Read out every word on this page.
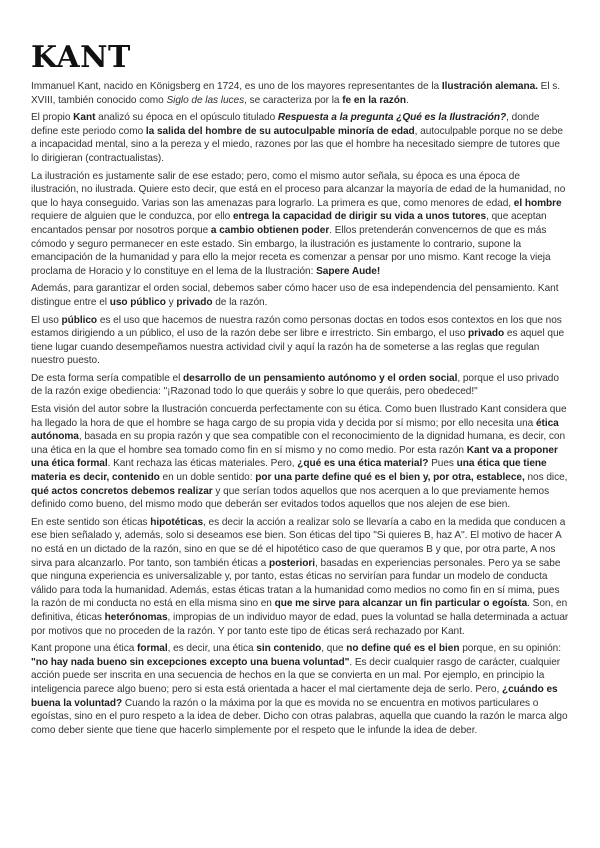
KANT

Immanuel Kant, nacido en Königsberg en 1724, es uno de los mayores representantes de la Ilustración alemana. El s. XVIII, también conocido como Siglo de las luces, se caracteriza por la fe en la razón.

El propio Kant analizó su época en el opúsculo titulado Respuesta a la pregunta ¿Qué es la Ilustración?, donde define este periodo como la salida del hombre de su autoculpable minoría de edad, autoculpable porque no se debe a incapacidad mental, sino a la pereza y el miedo, razones por las que el hombre ha necesitado siempre de tutores que lo dirigieran (contractualistas).

La ilustración es justamente salir de ese estado; pero, como el mismo autor señala, su época es una época de ilustración, no ilustrada. Quiere esto decir, que está en el proceso para alcanzar la mayoría de edad de la humanidad, no que lo haya conseguido. Varias son las amenazas para lograrlo. La primera es que, como menores de edad, el hombre requiere de alguien que le conduzca, por ello entrega la capacidad de dirigir su vida a unos tutores, que aceptan encantados pensar por nosotros porque a cambio obtienen poder. Ellos pretenderán convencernos de que es más cómodo y seguro permanecer en este estado. Sin embargo, la ilustración es justamente lo contrario, supone la emancipación de la humanidad y para ello la mejor receta es comenzar a pensar por uno mismo. Kant recoge la vieja proclama de Horacio y lo constituye en el lema de la Ilustración: Sapere Aude!

Además, para garantizar el orden social, debemos saber cómo hacer uso de esa independencia del pensamiento. Kant distingue entre el uso público y privado de la razón.

El uso público es el uso que hacemos de nuestra razón como personas doctas en todos esos contextos en los que nos estamos dirigiendo a un público, el uso de la razón debe ser libre e irrestricto. Sin embargo, el uso privado es aquel que tiene lugar cuando desempeñamos nuestra actividad civil y aquí la razón ha de someterse a las reglas que regulan nuestro puesto.

De esta forma sería compatible el desarrollo de un pensamiento autónomo y el orden social, porque el uso privado de la razón exige obediencia: "¡Razonad todo lo que queráis y sobre lo que queráis, pero obedeced!"

Esta visión del autor sobre la Ilustración concuerda perfectamente con su ética. Como buen Ilustrado Kant considera que ha llegado la hora de que el hombre se haga cargo de su propia vida y decida por sí mismo; por ello necesita una ética autónoma, basada en su propia razón y que sea compatible con el reconocimiento de la dignidad humana, es decir, con una ética en la que el hombre sea tomado como fin en sí mismo y no como medio. Por esta razón Kant va a proponer una ética formal. Kant rechaza las éticas materiales. Pero, ¿qué es una ética material? Pues una ética que tiene materia es decir, contenido en un doble sentido: por una parte define qué es el bien y, por otra, establece, nos dice, qué actos concretos debemos realizar y que serían todos aquellos que nos acerquen a lo que previamente hemos definido como bueno, del mismo modo que deberán ser evitados todos aquellos que nos alejen de ese bien.

En este sentido son éticas hipotéticas, es decir la acción a realizar solo se llevaría a cabo en la medida que conducen a ese bien señalado y, además, solo si deseamos ese bien. Son éticas del tipo "Si quieres B, haz A". El motivo de hacer A no está en un dictado de la razón, sino en que se dé el hipotético caso de que queramos B y que, por otra parte, A nos sirva para alcanzarlo. Por tanto, son también éticas a posteriori, basadas en experiencias personales. Pero ya se sabe que ninguna experiencia es universalizable y, por tanto, estas éticas no servirían para fundar un modelo de conducta válido para toda la humanidad. Además, estas éticas tratan a la humanidad como medios no como fin en sí mima, pues la razón de mi conducta no está en ella misma sino en que me sirve para alcanzar un fin particular o egoísta. Son, en definitiva, éticas heterónomas, impropias de un individuo mayor de edad, pues la voluntad se halla determinada a actuar por motivos que no proceden de la razón. Y por tanto este tipo de éticas será rechazado por Kant.

Kant propone una ética formal, es decir, una ética sin contenido, que no define qué es el bien porque, en su opinión: "no hay nada bueno sin excepciones excepto una buena voluntad". Es decir cualquier rasgo de carácter, cualquier acción puede ser inscrita en una secuencia de hechos en la que se convierta en un mal. Por ejemplo, en principio la inteligencia parece algo bueno; pero si esta está orientada a hacer el mal ciertamente deja de serlo. Pero, ¿cuándo es buena la voluntad? Cuando la razón o la máxima por la que es movida no se encuentra en motivos particulares o egoístas, sino en el puro respeto a la idea de deber. Dicho con otras palabras, aquella que cuando la razón le marca algo como deber siente que tiene que hacerlo simplemente por el respeto que le infunde la idea de deber.
